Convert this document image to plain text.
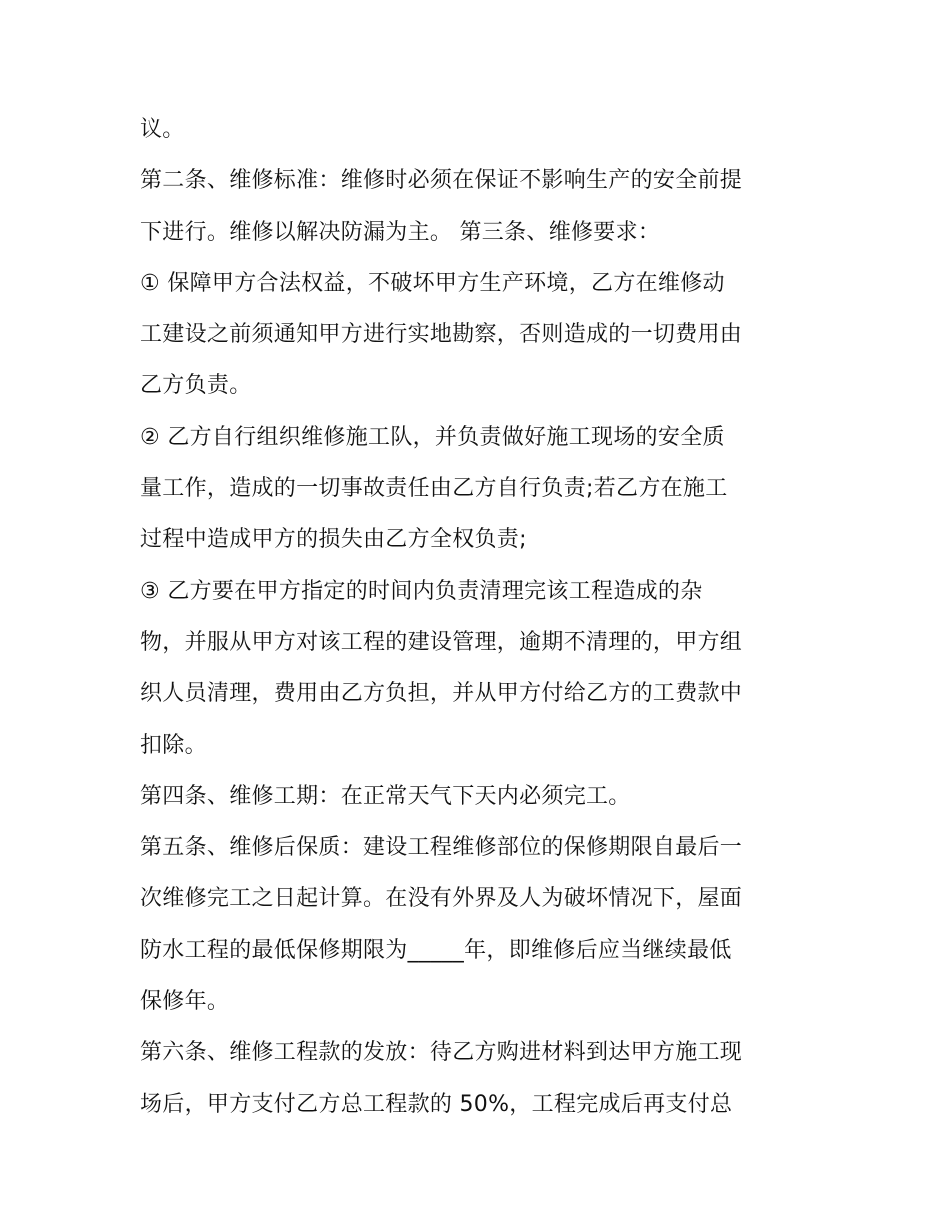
议。
第二条、维修标准：维修时必须在保证不影响生产的安全前提
下进行。维修以解决防漏为主。 第三条、维修要求：
① 保障甲方合法权益，不破坏甲方生产环境，乙方在维修动
工建设之前须通知甲方进行实地勘察，否则造成的一切费用由
乙方负责。
② 乙方自行组织维修施工队，并负责做好施工现场的安全质
量工作，造成的一切事故责任由乙方自行负责;若乙方在施工
过程中造成甲方的损失由乙方全权负责;
③ 乙方要在甲方指定的时间内负责清理完该工程造成的杂
物，并服从甲方对该工程的建设管理，逾期不清理的，甲方组
织人员清理，费用由乙方负担，并从甲方付给乙方的工费款中
扣除。
第四条、维修工期：在正常天气下天内必须完工。
第五条、维修后保质：建设工程维修部位的保修期限自最后一
次维修完工之日起计算。在没有外界及人为破坏情况下，屋面
防水工程的最低保修期限为_____年，即维修后应当继续最低
保修年。
第六条、维修工程款的发放：待乙方购进材料到达甲方施工现
场后，甲方支付乙方总工程款的 50%，工程完成后再支付总
